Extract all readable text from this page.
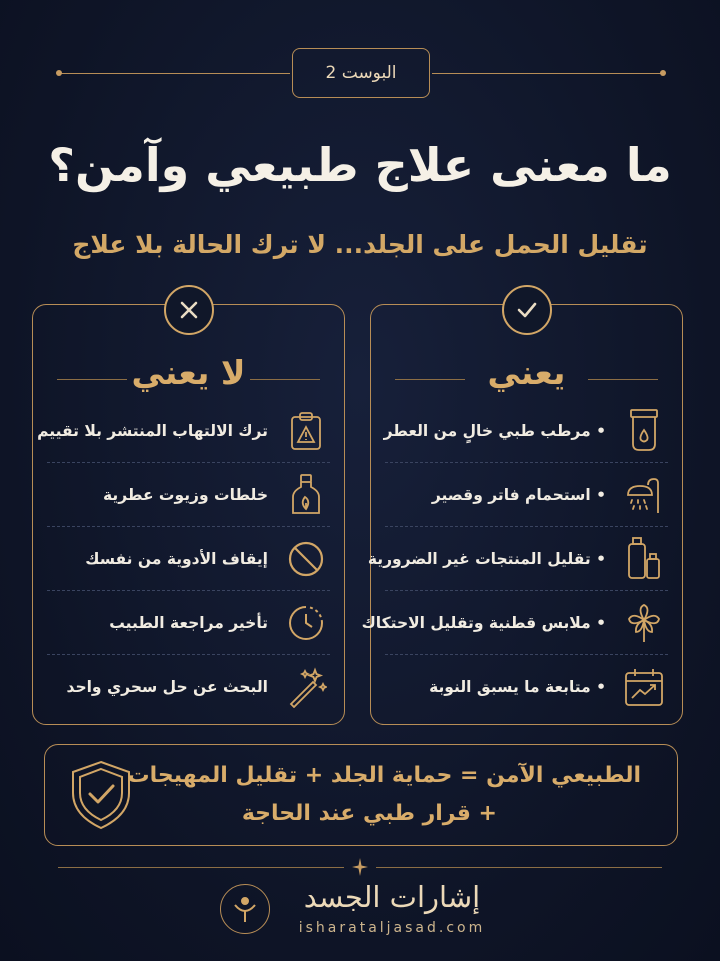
البوست 2
ما معنى علاج طبيعي وآمن؟
تقليل الحمل على الجلد... لا ترك الحالة بلا علاج
لا يعني
ترك الالتهاب المنتشر بلا تقييم
خلطات وزيوت عطرية
إيقاف الأدوية من نفسك
تأخير مراجعة الطبيب
البحث عن حل سحري واحد
يعني
• مرطب طبي خالٍ من العطر
• استحمام فاتر وقصير
• تقليل المنتجات غير الضرورية
• ملابس قطنية وتقليل الاحتكاك
• متابعة ما يسبق النوبة
الطبيعي الآمن = حماية الجلد + تقليل المهيجات
+ قرار طبي عند الحاجة
إشارات الجسد
isharataljasad.com
